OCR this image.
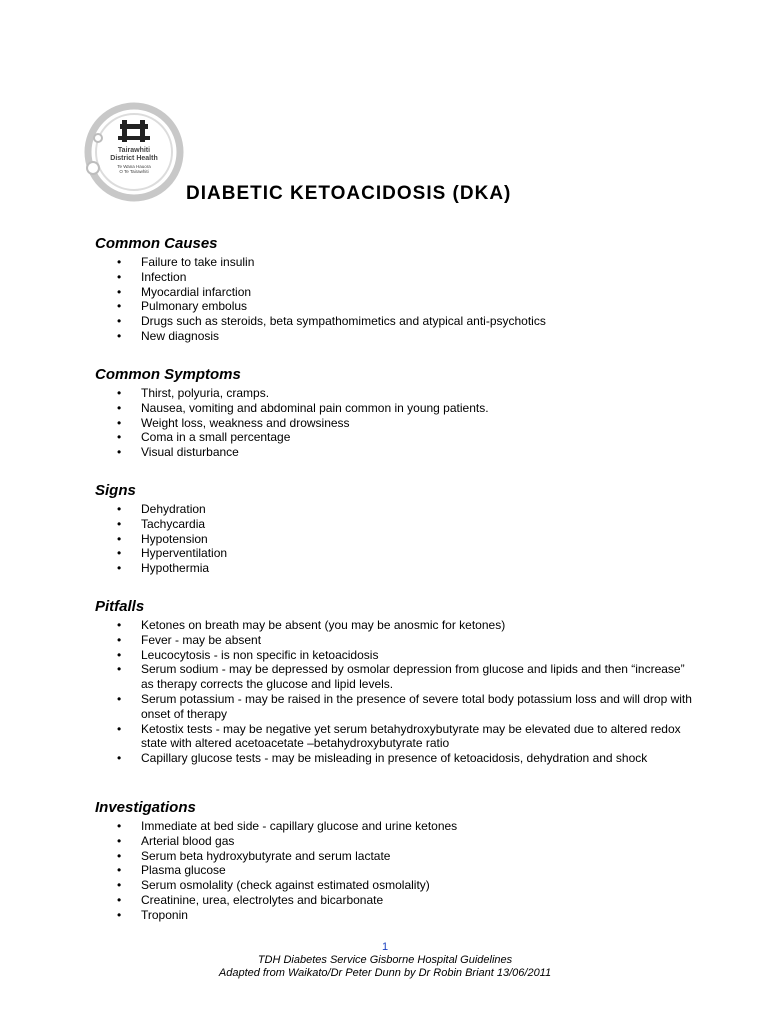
Tairawhiti
District Health
Te Wana Hauora
O Te Tairawhiti
DIABETIC KETOACIDOSIS (DKA)
Common Causes
• Failure to take insulin
• Infection
• Myocardial infarction
• Pulmonary embolus
• Drugs such as steroids, beta sympathomimetics and atypical anti-psychotics
• New diagnosis
Common Symptoms
• Thirst, polyuria, cramps.
• Nausea, vomiting and abdominal pain common in young patients.
• Weight loss, weakness and drowsiness
• Coma in a small percentage
• Visual disturbance
Signs
• Dehydration
• Tachycardia
• Hypotension
• Hyperventilation
• Hypothermia
Pitfalls
• Ketones on breath may be absent (you may be anosmic for ketones)
• Fever - may be absent
• Leucocytosis - is non specific in ketoacidosis
• Serum sodium - may be depressed by osmolar depression from glucose and lipids and then “increase” as therapy corrects the glucose and lipid levels.
• Serum potassium - may be raised in the presence of severe total body potassium loss and will drop with onset of therapy
• Ketostix tests - may be negative yet serum betahydroxybutyrate may be elevated due to altered redox state with altered acetoacetate –betahydroxybutyrate ratio
• Capillary glucose tests - may be misleading in presence of ketoacidosis, dehydration and shock
Investigations
• Immediate at bed side - capillary glucose and urine ketones
• Arterial blood gas
• Serum beta hydroxybutyrate and serum lactate
• Plasma glucose
• Serum osmolality (check against estimated osmolality)
• Creatinine, urea, electrolytes and bicarbonate
• Troponin
1
TDH Diabetes Service Gisborne Hospital Guidelines
Adapted from Waikato/Dr Peter Dunn by Dr Robin Briant 13/06/2011
